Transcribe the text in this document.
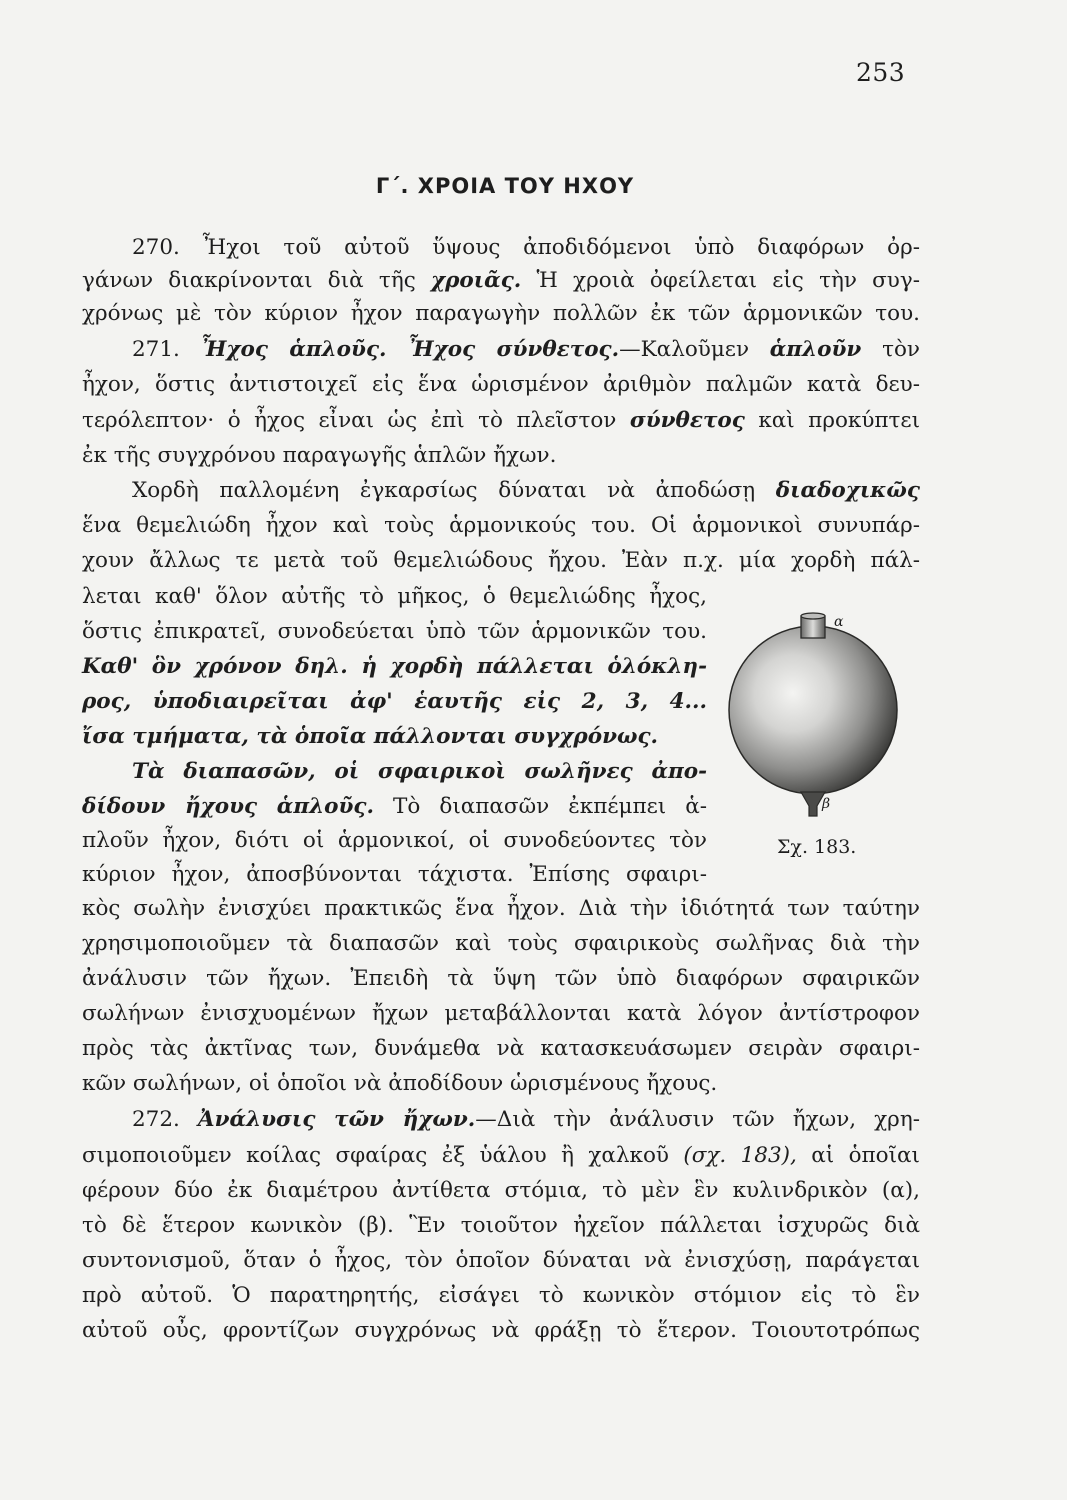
253
Γ΄. ΧΡΟΙΑ ΤΟΥ ΗΧΟΥ
270. Ἦχοι τοῦ αὐτοῦ ὕψους ἀποδιδόμενοι ὑπὸ διαφόρων ὀρ-
γάνων διακρίνονται διὰ τῆς χροιᾶς. Ἡ χροιὰ ὀφείλεται εἰς τὴν συγ-
χρόνως μὲ τὸν κύριον ἦχον παραγωγὴν πολλῶν ἐκ τῶν ἁρμονικῶν του.
271. Ἦχος ἁπλοῦς. Ἦχος σύνθετος.—Καλοῦμεν ἁπλοῦν τὸν
ἦχον, ὅστις ἀντιστοιχεῖ εἰς ἕνα ὡρισμένον ἀριθμὸν παλμῶν κατὰ δευ-
τερόλεπτον· ὁ ἦχος εἶναι ὡς ἐπὶ τὸ πλεῖστον σύνθετος καὶ προκύπτει
ἐκ τῆς συγχρόνου παραγωγῆς ἁπλῶν ἤχων.
Χορδὴ παλλομένη ἐγκαρσίως δύναται νὰ ἀποδώσῃ διαδοχικῶς
ἕνα θεμελιώδη ἦχον καὶ τοὺς ἁρμονικούς του. Οἱ ἁρμονικοὶ συνυπάρ-
χουν ἄλλως τε μετὰ τοῦ θεμελιώδους ἤχου. Ἐὰν π.χ. μία χορδὴ πάλ-
λεται καθ' ὅλον αὐτῆς τὸ μῆκος, ὁ θεμελιώδης ἦχος,
ὅστις ἐπικρατεῖ, συνοδεύεται ὑπὸ τῶν ἁρμονικῶν του.
Καθ' ὃν χρόνον δηλ. ἡ χορδὴ πάλλεται ὁλόκλη-
ρος, ὑποδιαιρεῖται ἀφ' ἑαυτῆς εἰς 2, 3, 4...
ἴσα τμήματα, τὰ ὁποῖα πάλλονται συγχρόνως.
Τὰ διαπασῶν, οἱ σφαιρικοὶ σωλῆνες ἀπο-
δίδουν ἤχους ἁπλοῦς. Τὸ διαπασῶν ἐκπέμπει ἁ-
πλοῦν ἦχον, διότι οἱ ἁρμονικοί, οἱ συνοδεύοντες τὸν
κύριον ἦχον, ἀποσβύνονται τάχιστα. Ἐπίσης σφαιρι-
κὸς σωλὴν ἐνισχύει πρακτικῶς ἕνα ἦχον. Διὰ τὴν ἰδιότητά των ταύτην
χρησιμοποιοῦμεν τὰ διαπασῶν καὶ τοὺς σφαιρικοὺς σωλῆνας διὰ τὴν
ἀνάλυσιν τῶν ἤχων. Ἐπειδὴ τὰ ὕψη τῶν ὑπὸ διαφόρων σφαιρικῶν
σωλήνων ἐνισχυομένων ἤχων μεταβάλλονται κατὰ λόγον ἀντίστροφον
πρὸς τὰς ἀκτῖνας των, δυνάμεθα νὰ κατασκευάσωμεν σειρὰν σφαιρι-
κῶν σωλήνων, οἱ ὁποῖοι νὰ ἀποδίδουν ὡρισμένους ἤχους.
272. Ἀνάλυσις τῶν ἤχων.—Διὰ τὴν ἀνάλυσιν τῶν ἤχων, χρη-
σιμοποιοῦμεν κοίλας σφαίρας ἐξ ὑάλου ἢ χαλκοῦ (σχ. 183), αἱ ὁποῖαι
φέρουν δύο ἐκ διαμέτρου ἀντίθετα στόμια, τὸ μὲν ἓν κυλινδρικὸν (α),
τὸ δὲ ἕτερον κωνικὸν (β). Ἓν τοιοῦτον ἠχεῖον πάλλεται ἰσχυρῶς διὰ
συντονισμοῦ, ὅταν ὁ ἦχος, τὸν ὁποῖον δύναται νὰ ἐνισχύσῃ, παράγεται
πρὸ αὐτοῦ. Ὁ παρατηρητής, εἰσάγει τὸ κωνικὸν στόμιον εἰς τὸ ἓν
αὐτοῦ οὖς, φροντίζων συγχρόνως νὰ φράξῃ τὸ ἕτερον. Τοιουτοτρόπως
α
β
Σχ. 183.
